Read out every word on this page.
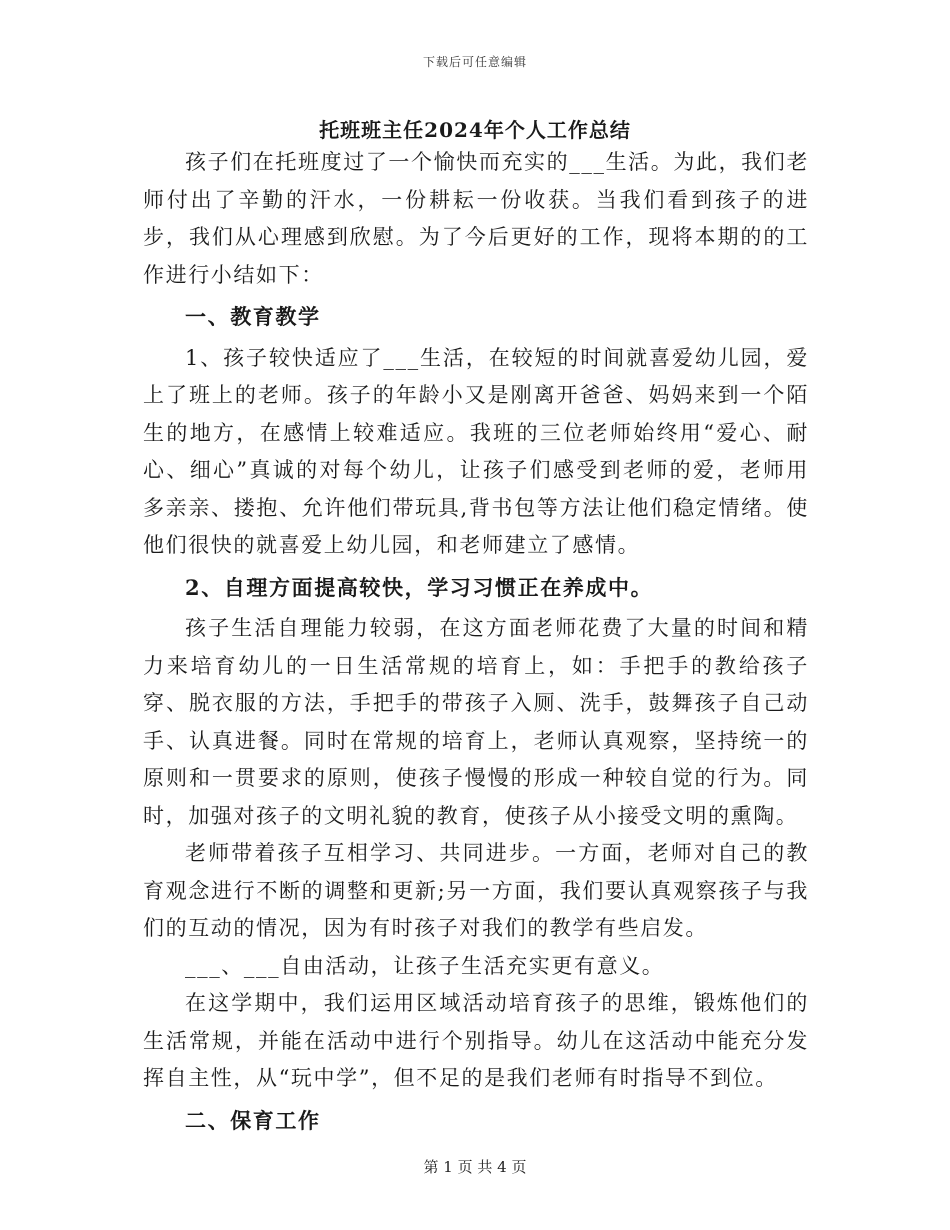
下载后可任意编辑
托班班主任2024年个人工作总结

孩子们在托班度过了一个愉快而充实的___生活。为此，我们老师付出了辛勤的汗水，一份耕耘一份收获。当我们看到孩子的进步，我们从心理感到欣慰。为了今后更好的工作，现将本期的的工作进行小结如下：

一、教育教学

1、孩子较快适应了___生活，在较短的时间就喜爱幼儿园，爱上了班上的老师。孩子的年龄小又是刚离开爸爸、妈妈来到一个陌生的地方，在感情上较难适应。我班的三位老师始终用“爱心、耐心、细心”真诚的对每个幼儿，让孩子们感受到老师的爱，老师用多亲亲、搂抱、允许他们带玩具,背书包等方法让他们稳定情绪。使他们很快的就喜爱上幼儿园，和老师建立了感情。

2、自理方面提高较快，学习习惯正在养成中。

孩子生活自理能力较弱，在这方面老师花费了大量的时间和精力来培育幼儿的一日生活常规的培育上，如：手把手的教给孩子穿、脱衣服的方法，手把手的带孩子入厕、洗手，鼓舞孩子自己动手、认真进餐。同时在常规的培育上，老师认真观察，坚持统一的原则和一贯要求的原则，使孩子慢慢的形成一种较自觉的行为。同时，加强对孩子的文明礼貌的教育，使孩子从小接受文明的熏陶。

老师带着孩子互相学习、共同进步。一方面，老师对自己的教育观念进行不断的调整和更新;另一方面，我们要认真观察孩子与我们的互动的情况，因为有时孩子对我们的教学有些启发。

___、___自由活动，让孩子生活充实更有意义。

在这学期中，我们运用区域活动培育孩子的思维，锻炼他们的生活常规，并能在活动中进行个别指导。幼儿在这活动中能充分发挥自主性，从“玩中学”，但不足的是我们老师有时指导不到位。

二、保育工作

第 1 页 共 4 页
